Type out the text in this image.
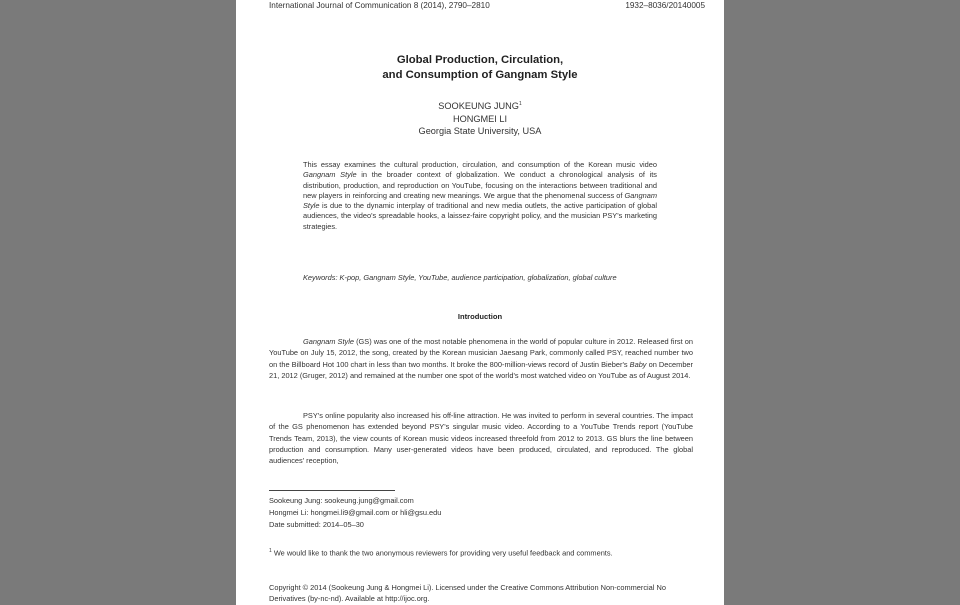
International Journal of Communication 8 (2014), 2790–2810	1932–8036/20140005
Global Production, Circulation,
and Consumption of Gangnam Style
SOOKEUNG JUNG$^1$
HONGMEI LI
Georgia State University, USA
This essay examines the cultural production, circulation, and consumption of the Korean music video Gangnam Style in the broader context of globalization. We conduct a chronological analysis of its distribution, production, and reproduction on YouTube, focusing on the interactions between traditional and new players in reinforcing and creating new meanings. We argue that the phenomenal success of Gangnam Style is due to the dynamic interplay of traditional and new media outlets, the active participation of global audiences, the video's spreadable hooks, a laissez-faire copyright policy, and the musician PSY's marketing strategies.
Keywords: K-pop, Gangnam Style, YouTube, audience participation, globalization, global culture
Introduction
Gangnam Style (GS) was one of the most notable phenomena in the world of popular culture in 2012. Released first on YouTube on July 15, 2012, the song, created by the Korean musician Jaesang Park, commonly called PSY, reached number two on the Billboard Hot 100 chart in less than two months. It broke the 800-million-views record of Justin Bieber's Baby on December 21, 2012 (Gruger, 2012) and remained at the number one spot of the world's most watched video on YouTube as of August 2014.
PSY's online popularity also increased his off-line attraction. He was invited to perform in several countries. The impact of the GS phenomenon has extended beyond PSY's singular music video. According to a YouTube Trends report (YouTube Trends Team, 2013), the view counts of Korean music videos increased threefold from 2012 to 2013. GS blurs the line between production and consumption. Many user-generated videos have been produced, circulated, and reproduced. The global audiences' reception,
Sookeung Jung: sookeung.jung@gmail.com
Hongmei Li: hongmei.li9@gmail.com or hli@gsu.edu
Date submitted: 2014–05–30
$^1$ We would like to thank the two anonymous reviewers for providing very useful feedback and comments.
Copyright © 2014 (Sookeung Jung & Hongmei Li). Licensed under the Creative Commons Attribution Non-commercial No Derivatives (by-nc-nd). Available at http://ijoc.org.
